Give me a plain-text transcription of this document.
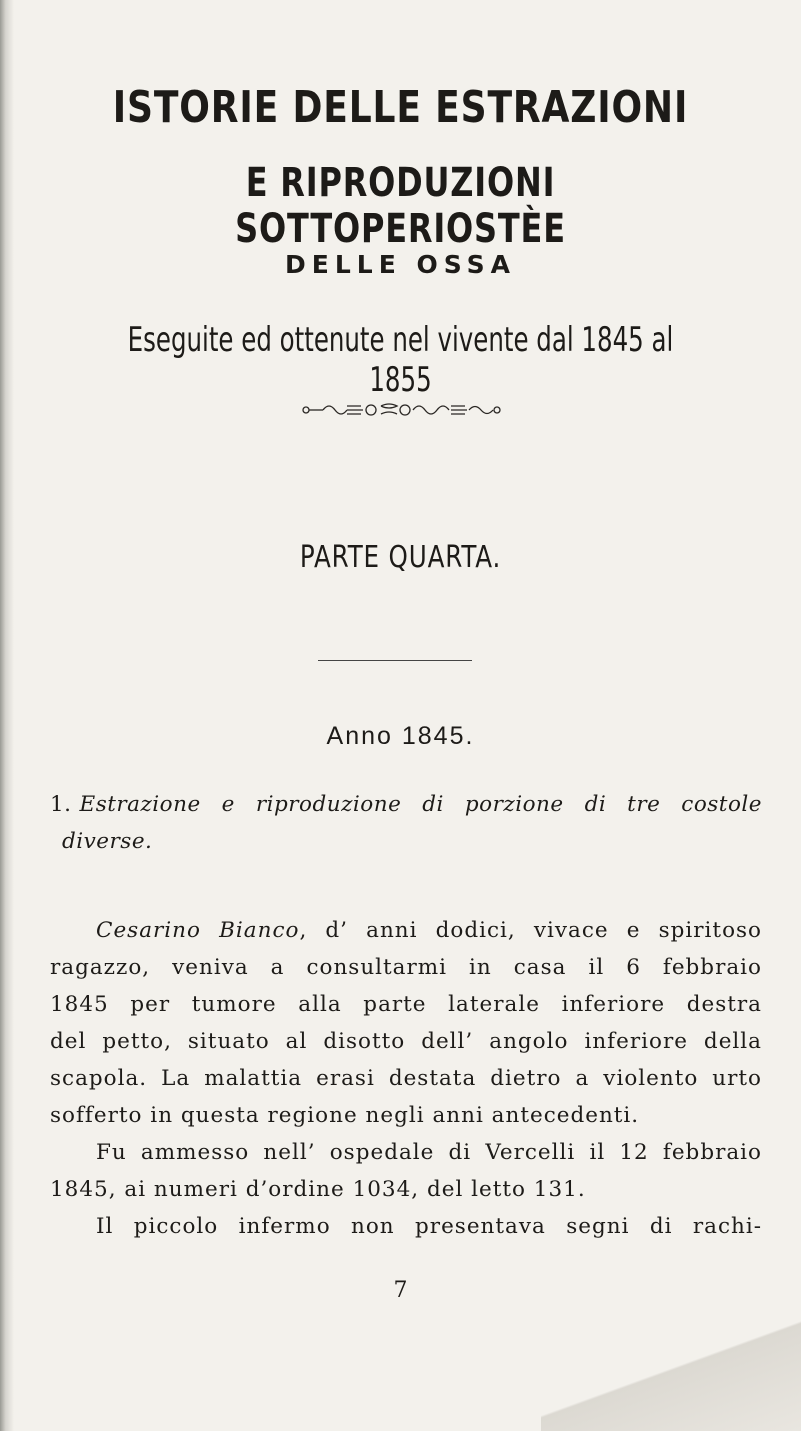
ISTORIE DELLE ESTRAZIONI
E RIPRODUZIONI SOTTOPERIOSTÈE
DELLE OSSA
Eseguite ed ottenute nel vivente dal 1845 al 1855
PARTE QUARTA.
Anno 1845.
1. Estrazione e riproduzione di porzione di tre costole
diverse.
Cesarino Bianco, d’ anni dodici, vivace e spiritoso
ragazzo, veniva a consultarmi in casa il 6 febbraio
1845 per tumore alla parte laterale inferiore destra
del petto, situato al disotto dell’ angolo inferiore della
scapola. La malattia erasi destata dietro a violento urto
sofferto in questa regione negli anni antecedenti.
Fu ammesso nell’ ospedale di Vercelli il 12 febbraio
1845, ai numeri d’ordine 1034, del letto 131.
Il piccolo infermo non presentava segni di rachi-
7
